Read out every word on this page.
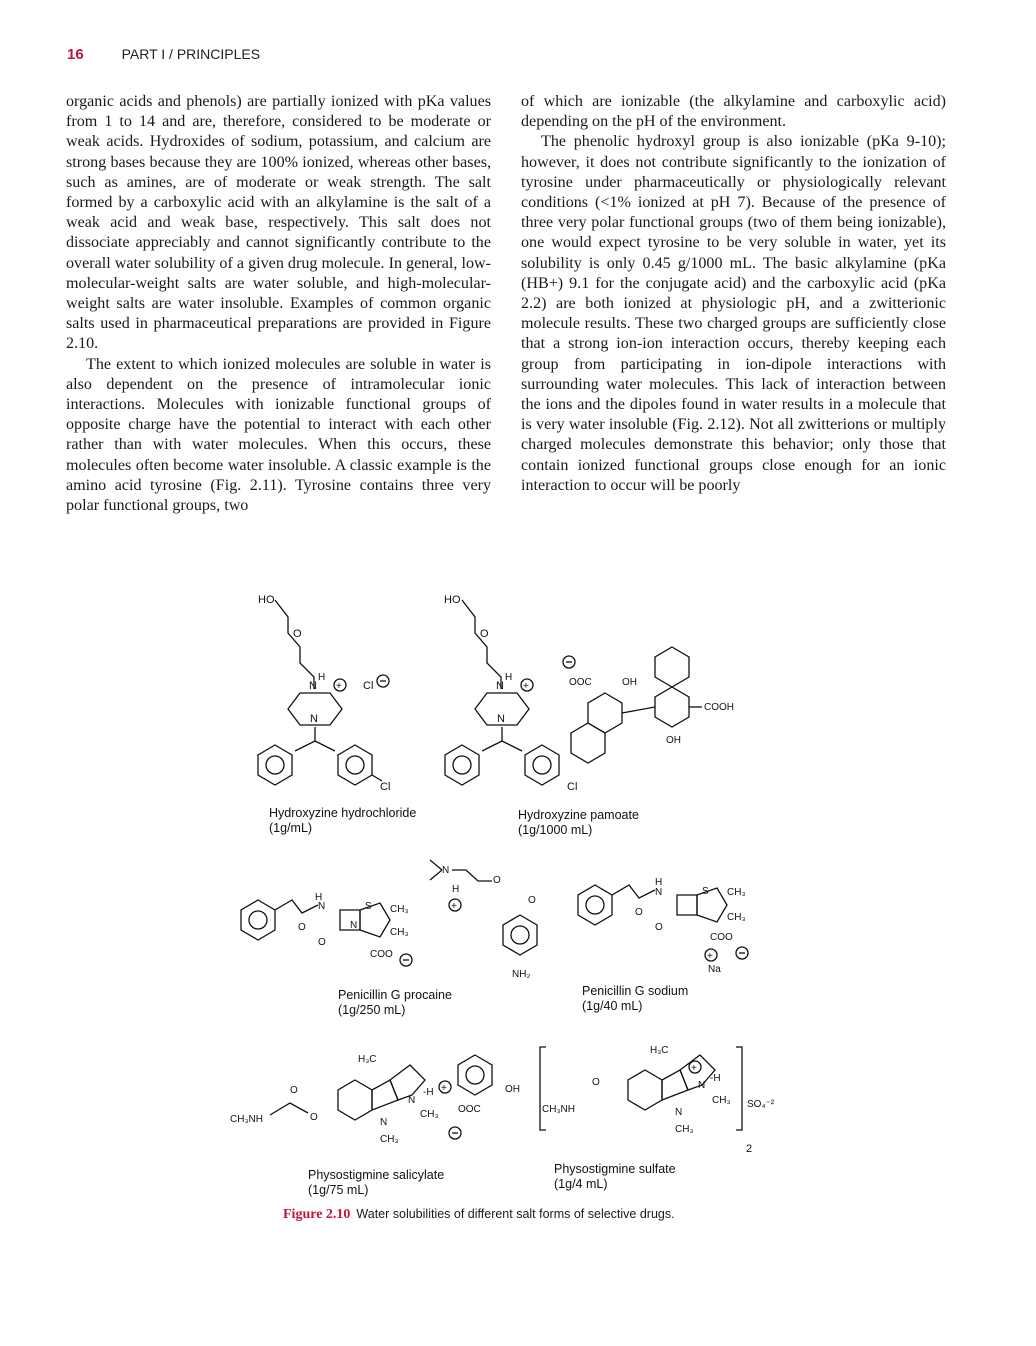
16	PART I / PRINCIPLES

organic acids and phenols) are partially ionized with pKa values from 1 to 14 and are, therefore, considered to be moderate or weak acids. Hydroxides of sodium, potassium, and calcium are strong bases because they are 100% ionized, whereas other bases, such as amines, are of moderate or weak strength. The salt formed by a carboxylic acid with an alkylamine is the salt of a weak acid and weak base, respectively. This salt does not dissociate appreciably and cannot significantly contribute to the overall water solubility of a given drug molecule. In general, low-molecular-weight salts are water soluble, and high-molecular-weight salts are water insoluble. Examples of common organic salts used in pharmaceutical preparations are provided in Figure 2.10.

The extent to which ionized molecules are soluble in water is also dependent on the presence of intramolecular ionic interactions. Molecules with ionizable functional groups of opposite charge have the potential to interact with each other rather than with water molecules. When this occurs, these molecules often become water insoluble. A classic example is the amino acid tyrosine (Fig. 2.11). Tyrosine contains three very polar functional groups, two

of which are ionizable (the alkylamine and carboxylic acid) depending on the pH of the environment.

The phenolic hydroxyl group is also ionizable (pKa 9-10); however, it does not contribute significantly to the ionization of tyrosine under pharmaceutically or physiologically relevant conditions (<1% ionized at pH 7). Because of the presence of three very polar functional groups (two of them being ionizable), one would expect tyrosine to be very soluble in water, yet its solubility is only 0.45 g/1000 mL. The basic alkylamine (pKa (HB+) 9.1 for the conjugate acid) and the carboxylic acid (pKa 2.2) are both ionized at physiologic pH, and a zwitterionic molecule results. These two charged groups are sufficiently close that a strong ion-ion interaction occurs, thereby keeping each group from participating in ion-dipole interactions with surrounding water molecules. This lack of interaction between the ions and the dipoles found in water results in a molecule that is very water insoluble (Fig. 2.12). Not all zwitterions or multiply charged molecules demonstrate this behavior; only those that contain ionized functional groups close enough for an ionic interaction to occur will be poorly

HO
O
N
H
+ Cl
N
Cl
HO
O
N
H
+
N
Cl
OOC	OH
COOH
OH
O
H
N	S CH₃
CH₃
N
O
COO
N
H
+
O
O
NH₂
O
H
N	S CH₃
CH₃
O
COO
+
Na
CH₃NH
O
O
H₃C
N
-H +
CH₃
N
CH₃
OH
OOC	CH₃NH
O
H₃C
N
-H
+
CH₃
N
CH₃
SO₄⁻²
2
Hydroxyzine hydrochloride
(1g/mL)
Hydroxyzine pamoate
(1g/1000 mL)
Penicillin G procaine
(1g/250 mL)
Penicillin G sodium
(1g/40 mL)
Physostigmine salicylate
(1g/75 mL)
Physostigmine sulfate
(1g/4 mL)
Figure 2.10 Water solubilities of different salt forms of selective drugs.
